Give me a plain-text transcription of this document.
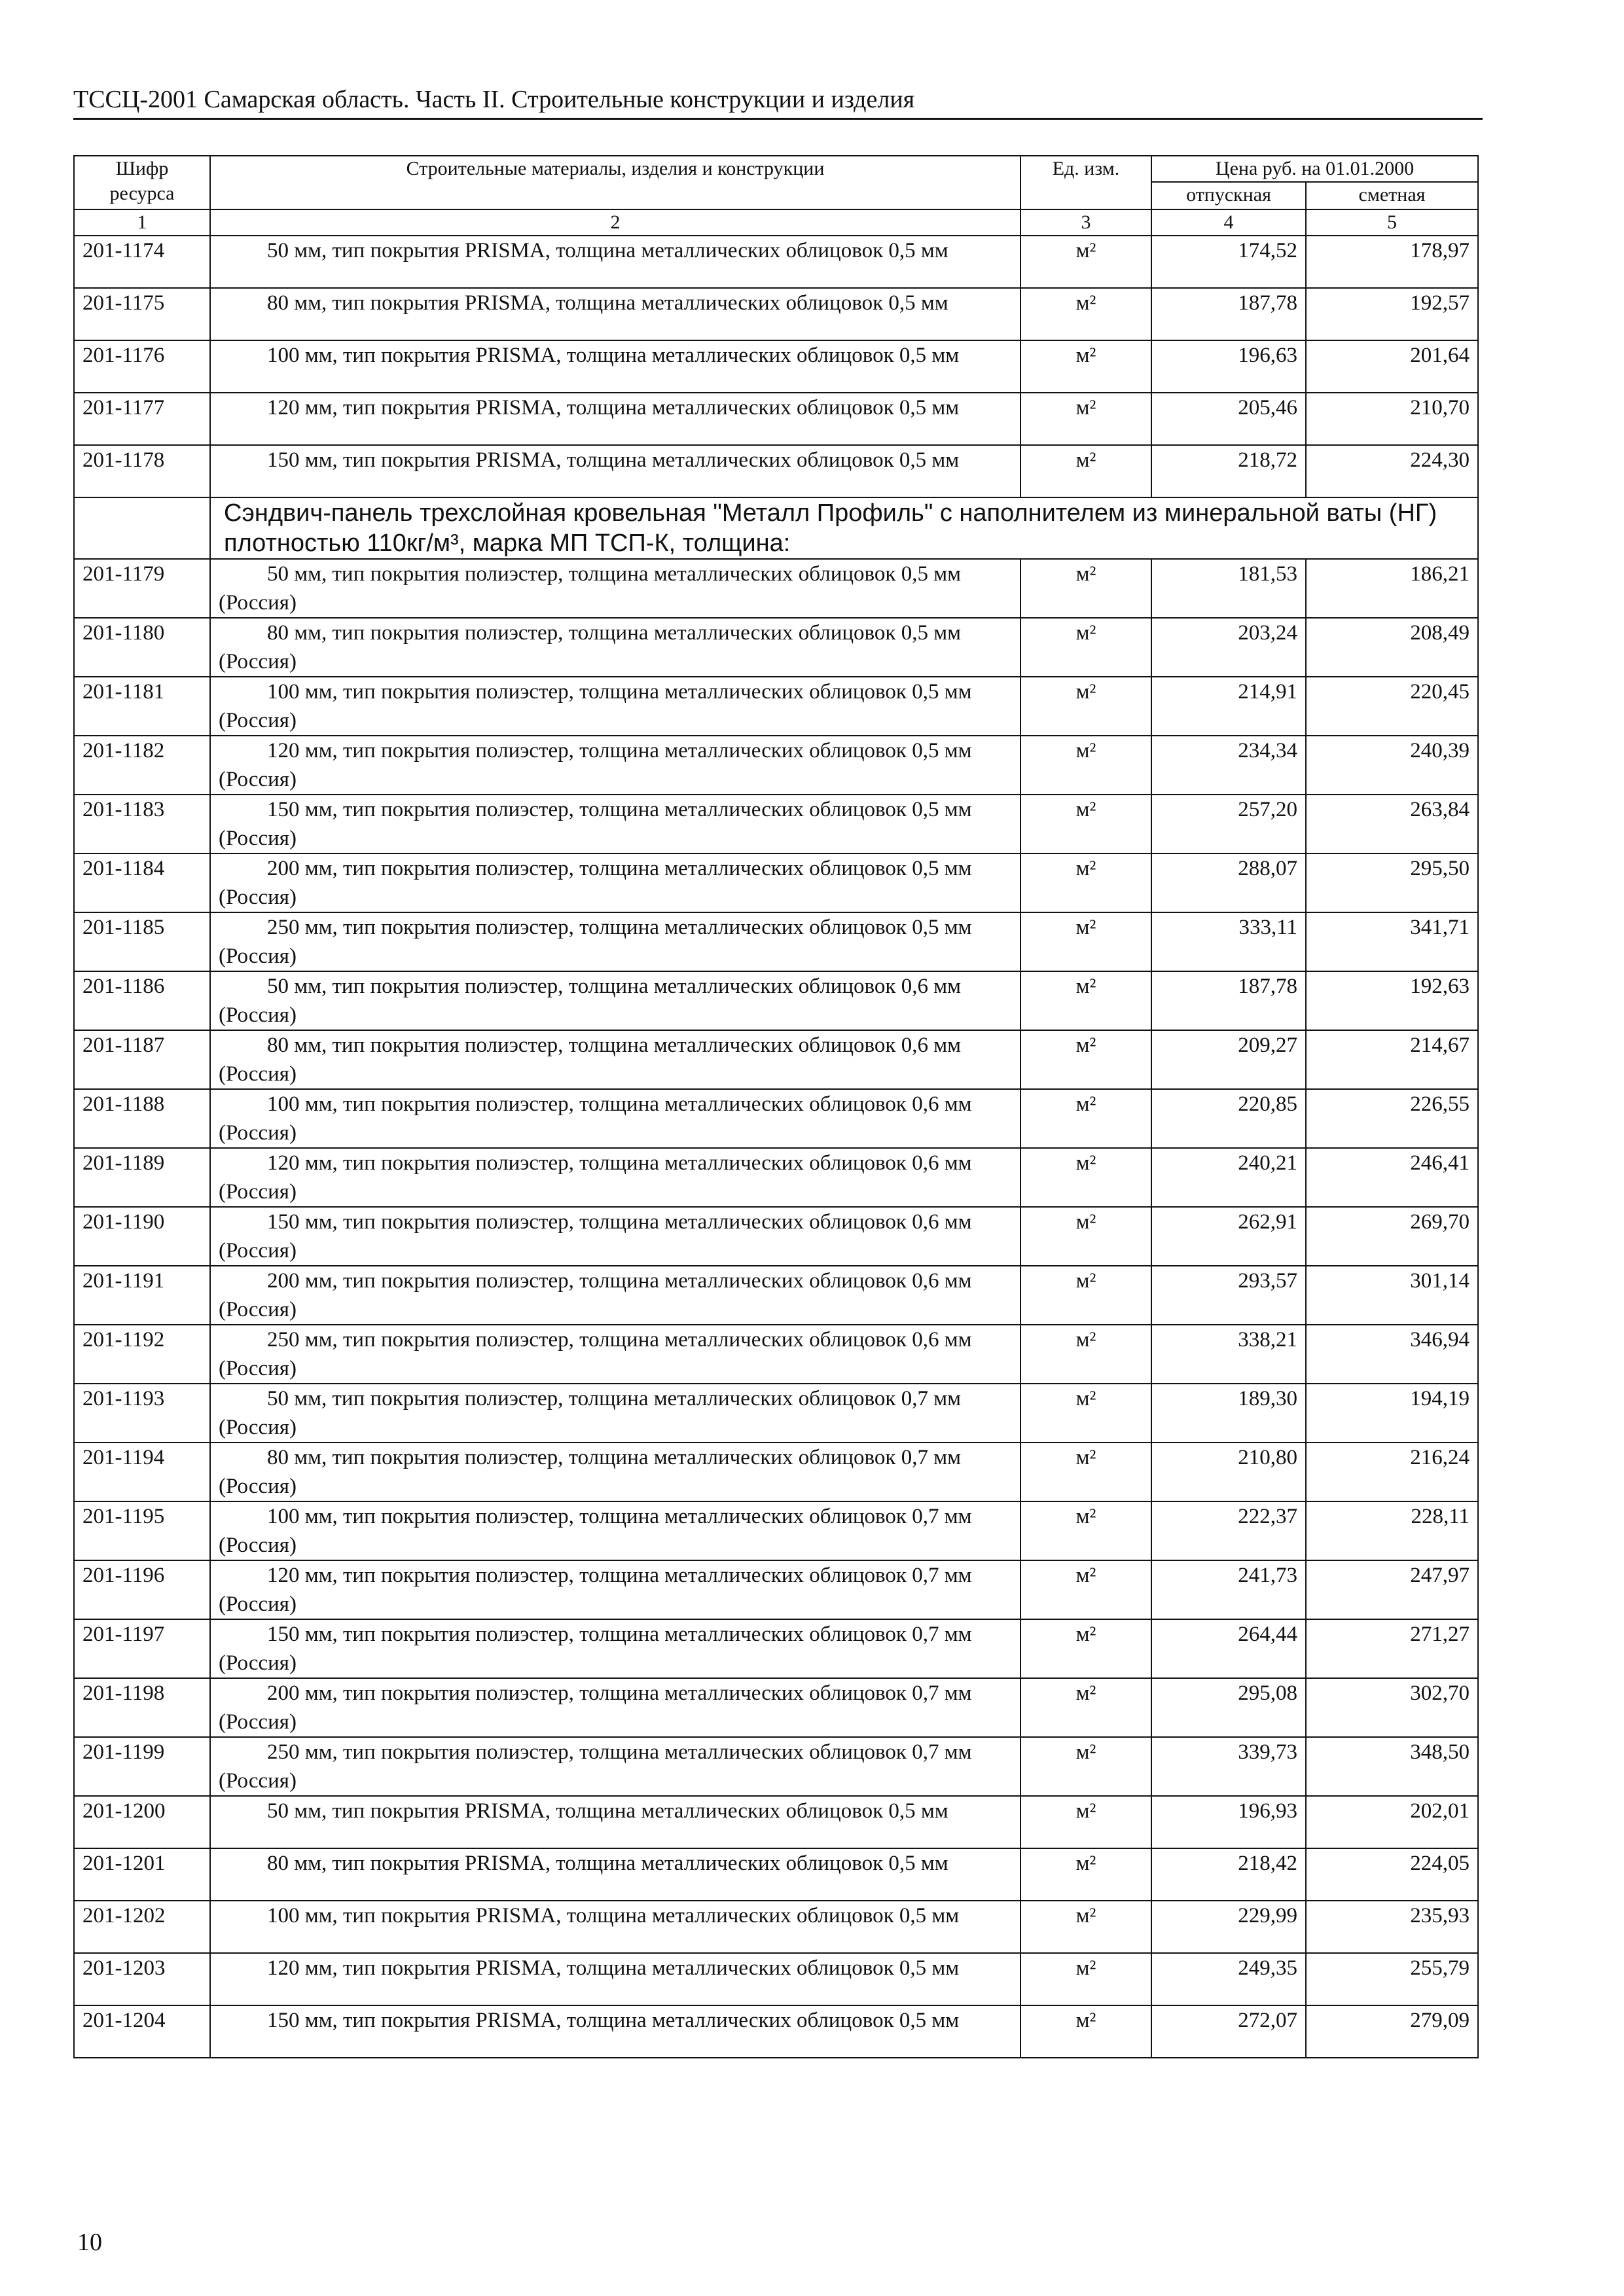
ТССЦ-2001 Самарская область. Часть II. Строительные конструкции и изделия
Шифр ресурса	Строительные материалы, изделия и конструкции	Ед. изм.	Цена руб. на 01.01.2000	
			отпускная	сметная
1	2	3	4	5
201-1174	50 мм, тип покрытия PRISMA, толщина металлических облицовок 0,5 мм	м²	174,52	178,97
201-1175	80 мм, тип покрытия PRISMA, толщина металлических облицовок 0,5 мм	м²	187,78	192,57
201-1176	100 мм, тип покрытия PRISMA, толщина металлических облицовок 0,5 мм	м²	196,63	201,64
201-1177	120 мм, тип покрытия PRISMA, толщина металлических облицовок 0,5 мм	м²	205,46	210,70
201-1178	150 мм, тип покрытия PRISMA, толщина металлических облицовок 0,5 мм	м²	218,72	224,30
	Сэндвич-панель трехслойная кровельная "Металл Профиль" с наполнителем из минеральной ваты (НГ) плотностью 110кг/м³, марка МП ТСП-К, толщина:			
201-1179	50 мм, тип покрытия полиэстер, толщина металлических облицовок 0,5 мм (Россия)	м²	181,53	186,21
201-1180	80 мм, тип покрытия полиэстер, толщина металлических облицовок 0,5 мм (Россия)	м²	203,24	208,49
201-1181	100 мм, тип покрытия полиэстер, толщина металлических облицовок 0,5 мм (Россия)	м²	214,91	220,45
201-1182	120 мм, тип покрытия полиэстер, толщина металлических облицовок 0,5 мм (Россия)	м²	234,34	240,39
201-1183	150 мм, тип покрытия полиэстер, толщина металлических облицовок 0,5 мм (Россия)	м²	257,20	263,84
201-1184	200 мм, тип покрытия полиэстер, толщина металлических облицовок 0,5 мм (Россия)	м²	288,07	295,50
201-1185	250 мм, тип покрытия полиэстер, толщина металлических облицовок 0,5 мм (Россия)	м²	333,11	341,71
201-1186	50 мм, тип покрытия полиэстер, толщина металлических облицовок 0,6 мм (Россия)	м²	187,78	192,63
201-1187	80 мм, тип покрытия полиэстер, толщина металлических облицовок 0,6 мм (Россия)	м²	209,27	214,67
201-1188	100 мм, тип покрытия полиэстер, толщина металлических облицовок 0,6 мм (Россия)	м²	220,85	226,55
201-1189	120 мм, тип покрытия полиэстер, толщина металлических облицовок 0,6 мм (Россия)	м²	240,21	246,41
201-1190	150 мм, тип покрытия полиэстер, толщина металлических облицовок 0,6 мм (Россия)	м²	262,91	269,70
201-1191	200 мм, тип покрытия полиэстер, толщина металлических облицовок 0,6 мм (Россия)	м²	293,57	301,14
201-1192	250 мм, тип покрытия полиэстер, толщина металлических облицовок 0,6 мм (Россия)	м²	338,21	346,94
201-1193	50 мм, тип покрытия полиэстер, толщина металлических облицовок 0,7 мм (Россия)	м²	189,30	194,19
201-1194	80 мм, тип покрытия полиэстер, толщина металлических облицовок 0,7 мм (Россия)	м²	210,80	216,24
201-1195	100 мм, тип покрытия полиэстер, толщина металлических облицовок 0,7 мм (Россия)	м²	222,37	228,11
201-1196	120 мм, тип покрытия полиэстер, толщина металлических облицовок 0,7 мм (Россия)	м²	241,73	247,97
201-1197	150 мм, тип покрытия полиэстер, толщина металлических облицовок 0,7 мм (Россия)	м²	264,44	271,27
201-1198	200 мм, тип покрытия полиэстер, толщина металлических облицовок 0,7 мм (Россия)	м²	295,08	302,70
201-1199	250 мм, тип покрытия полиэстер, толщина металлических облицовок 0,7 мм (Россия)	м²	339,73	348,50
201-1200	50 мм, тип покрытия PRISMA, толщина металлических облицовок 0,5 мм	м²	196,93	202,01
201-1201	80 мм, тип покрытия PRISMA, толщина металлических облицовок 0,5 мм	м²	218,42	224,05
201-1202	100 мм, тип покрытия PRISMA, толщина металлических облицовок 0,5 мм	м²	229,99	235,93
201-1203	120 мм, тип покрытия PRISMA, толщина металлических облицовок 0,5 мм	м²	249,35	255,79
201-1204	150 мм, тип покрытия PRISMA, толщина металлических облицовок 0,5 мм	м²	272,07	279,09
10
